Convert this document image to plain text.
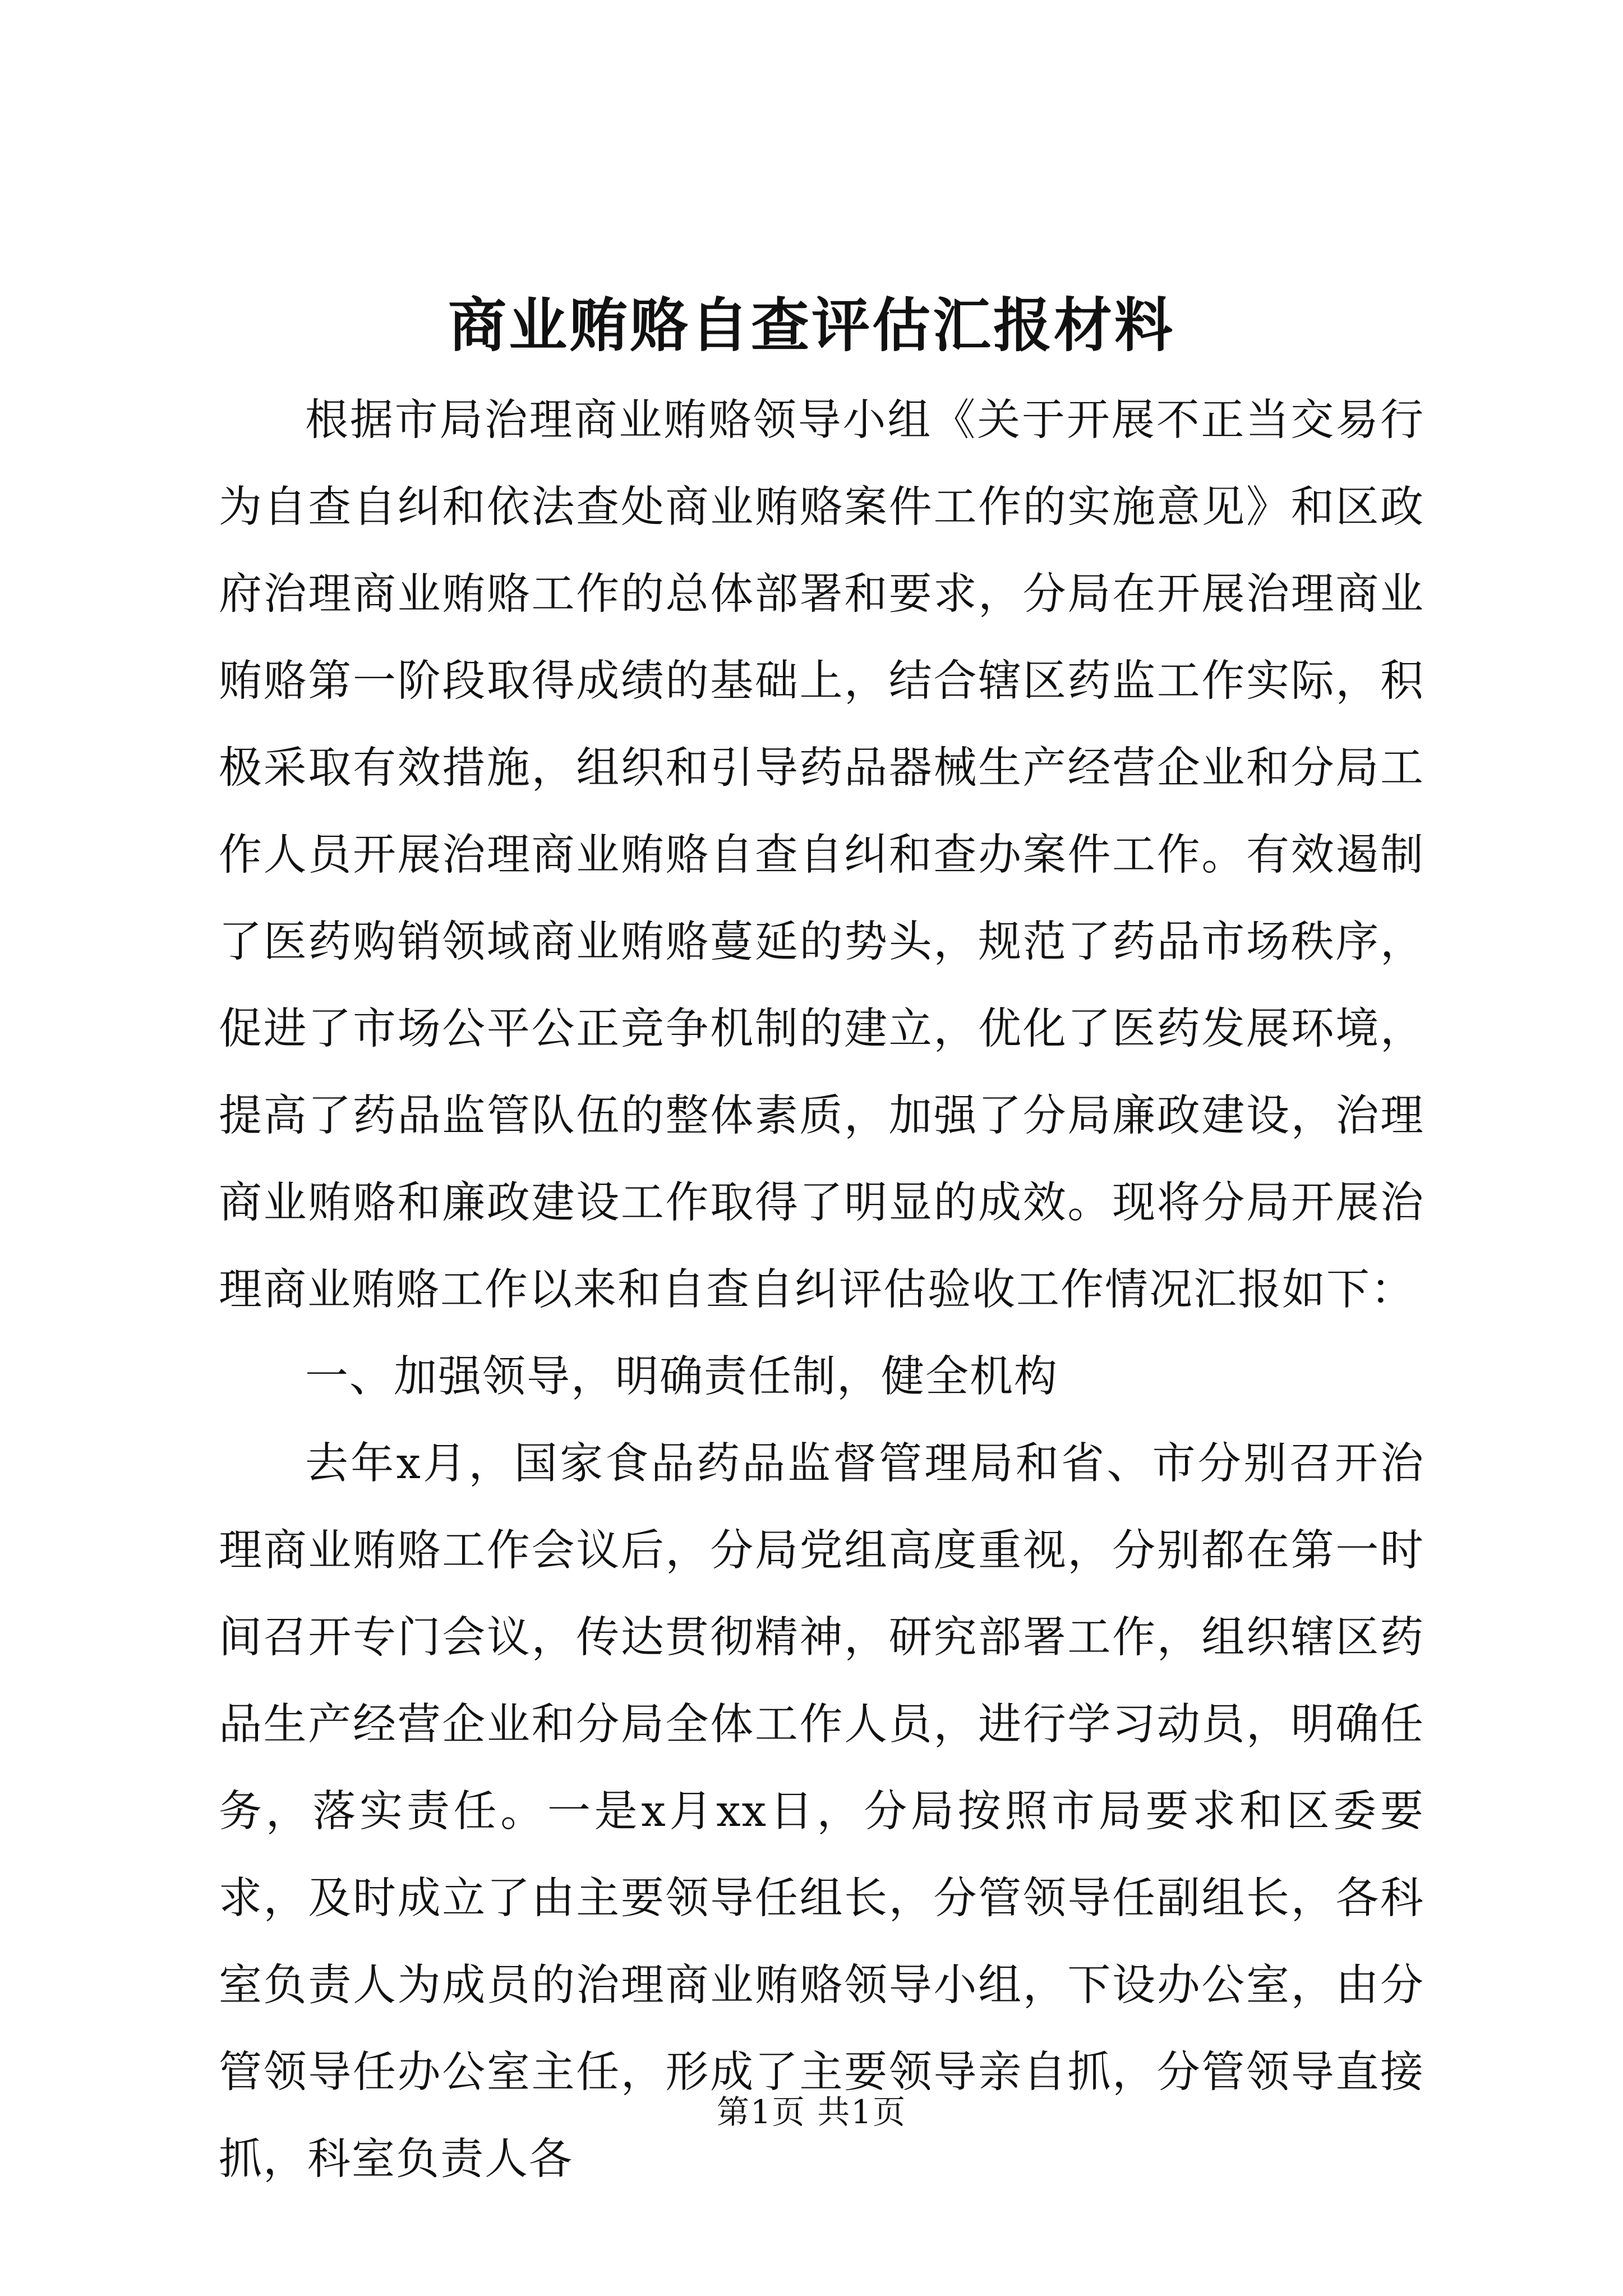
商业贿赂自查评估汇报材料

根据市局治理商业贿赂领导小组《关于开展不正当交易行为自查自纠和依法查处商业贿赂案件工作的实施意见》和区政府治理商业贿赂工作的总体部署和要求，分局在开展治理商业贿赂第一阶段取得成绩的基础上，结合辖区药监工作实际，积极采取有效措施，组织和引导药品器械生产经营企业和分局工作人员开展治理商业贿赂自查自纠和查办案件工作。有效遏制了医药购销领域商业贿赂蔓延的势头，规范了药品市场秩序，促进了市场公平公正竞争机制的建立，优化了医药发展环境，提高了药品监管队伍的整体素质，加强了分局廉政建设，治理商业贿赂和廉政建设工作取得了明显的成效。现将分局开展治理商业贿赂工作以来和自查自纠评估验收工作情况汇报如下：

一、加强领导，明确责任制，健全机构

去年x月，国家食品药品监督管理局和省、市分别召开治理商业贿赂工作会议后，分局党组高度重视，分别都在第一时间召开专门会议，传达贯彻精神，研究部署工作，组织辖区药品生产经营企业和分局全体工作人员，进行学习动员，明确任务，落实责任。一是x月xx日，分局按照市局要求和区委要求，及时成立了由主要领导任组长，分管领导任副组长，各科室负责人为成员的治理商业贿赂领导小组，下设办公室，由分管领导任办公室主任，形成了主要领导亲自抓，分管领导直接抓，科室负责人各

第1页 共1页
